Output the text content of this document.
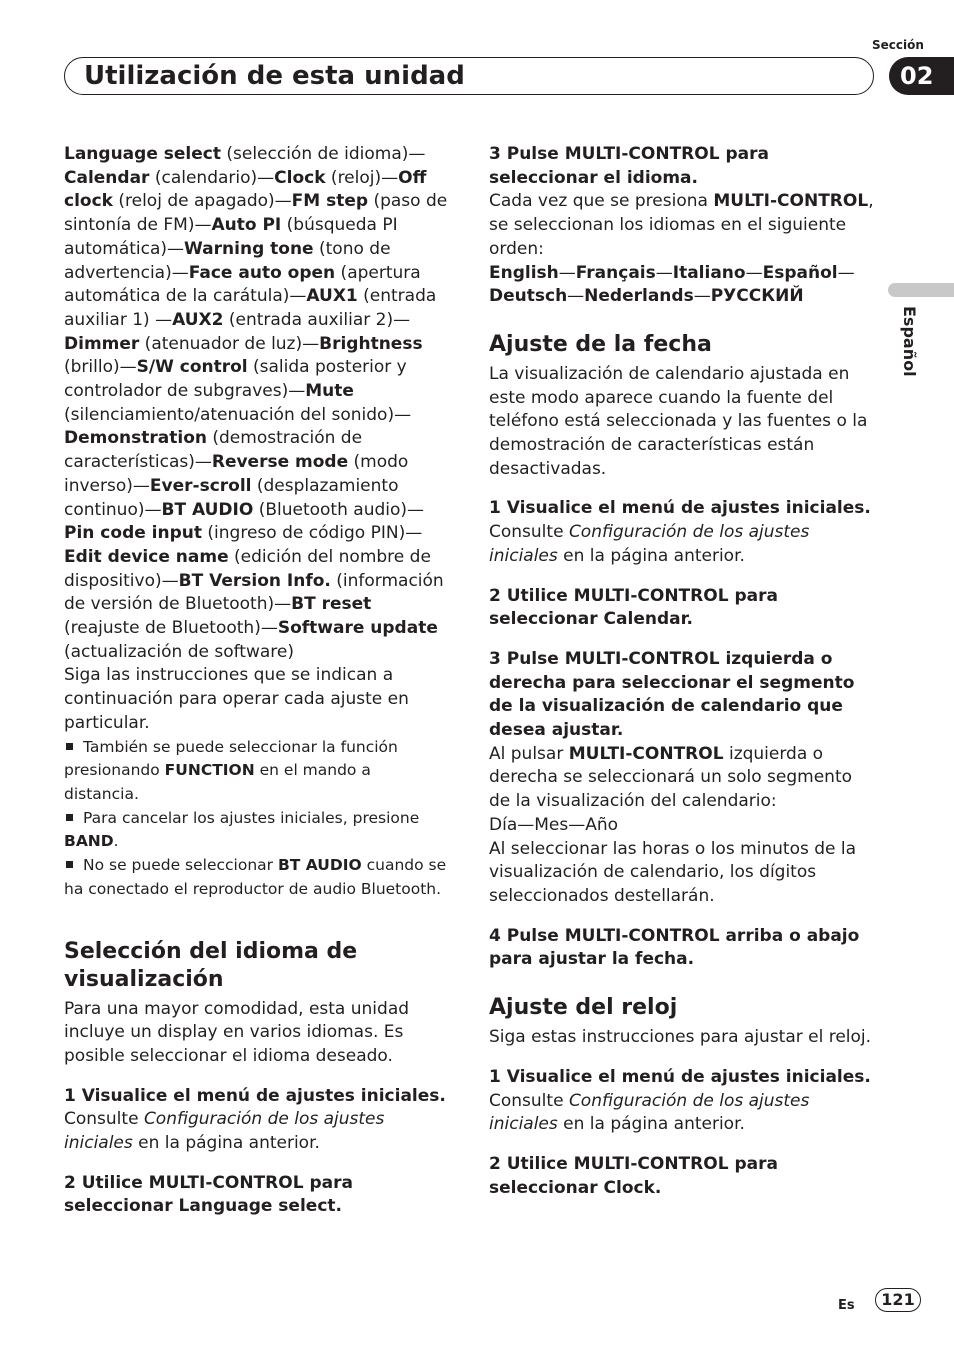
Sección
Utilización de esta unidad	02
Español

Language select (selección de idioma)—Calendar (calendario)—Clock (reloj)—Off clock (reloj de apagado)—FM step (paso de sintonía de FM)—Auto PI (búsqueda PI automática)—Warning tone (tono de advertencia)—Face auto open (apertura automática de la carátula)—AUX1 (entrada auxiliar 1) —AUX2 (entrada auxiliar 2)—Dimmer (atenuador de luz)—Brightness (brillo)—S/W control (salida posterior y controlador de subgraves)—Mute (silenciamiento/atenuación del sonido)—Demonstration (demostración de características)—Reverse mode (modo inverso)—Ever-scroll (desplazamiento continuo)—BT AUDIO (Bluetooth audio)—Pin code input (ingreso de código PIN)—Edit device name (edición del nombre de dispositivo)—BT Version Info. (información de versión de Bluetooth)—BT reset (reajuste de Bluetooth)—Software update (actualización de software)

Siga las instrucciones que se indican a continuación para operar cada ajuste en particular.

También se puede seleccionar la función presionando FUNCTION en el mando a distancia.

Para cancelar los ajustes iniciales, presione BAND.

No se puede seleccionar BT AUDIO cuando se ha conectado el reproductor de audio Bluetooth.

Selección del idioma de visualización

Para una mayor comodidad, esta unidad incluye un display en varios idiomas. Es posible seleccionar el idioma deseado.

1 Visualice el menú de ajustes iniciales.

Consulte Configuración de los ajustes iniciales en la página anterior.

2 Utilice MULTI-CONTROL para seleccionar Language select.

3 Pulse MULTI-CONTROL para seleccionar el idioma.

Cada vez que se presiona MULTI-CONTROL, se seleccionan los idiomas en el siguiente orden:

English—Français—Italiano—Español—Deutsch—Nederlands—РУССКИЙ

Ajuste de la fecha

La visualización de calendario ajustada en este modo aparece cuando la fuente del teléfono está seleccionada y las fuentes o la demostración de características están desactivadas.

1 Visualice el menú de ajustes iniciales.

Consulte Configuración de los ajustes iniciales en la página anterior.

2 Utilice MULTI-CONTROL para seleccionar Calendar.

3 Pulse MULTI-CONTROL izquierda o derecha para seleccionar el segmento de la visualización de calendario que desea ajustar.

Al pulsar MULTI-CONTROL izquierda o derecha se seleccionará un solo segmento de la visualización del calendario:

Día—Mes—Año

Al seleccionar las horas o los minutos de la visualización de calendario, los dígitos seleccionados destellarán.

4 Pulse MULTI-CONTROL arriba o abajo para ajustar la fecha.

Ajuste del reloj

Siga estas instrucciones para ajustar el reloj.

1 Visualice el menú de ajustes iniciales.

Consulte Configuración de los ajustes iniciales en la página anterior.

2 Utilice MULTI-CONTROL para seleccionar Clock.

Es	121
